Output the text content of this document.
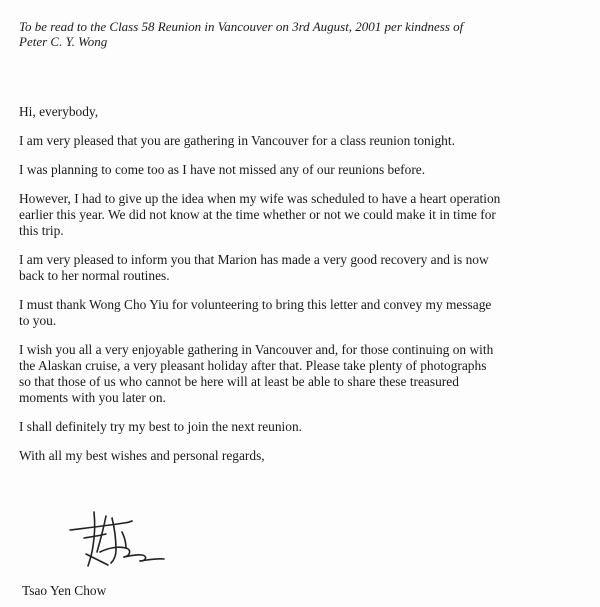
To be read to the Class 58 Reunion in Vancouver on 3rd August, 2001 per kindness of
Peter C. Y. Wong

Hi, everybody,

I am very pleased that you are gathering in Vancouver for a class reunion tonight.

I was planning to come too as I have not missed any of our reunions before.

However, I had to give up the idea when my wife was scheduled to have a heart operation
earlier this year. We did not know at the time whether or not we could make it in time for
this trip.

I am very pleased to inform you that Marion has made a very good recovery and is now
back to her normal routines.

I must thank Wong Cho Yiu for volunteering to bring this letter and convey my message
to you.

I wish you all a very enjoyable gathering in Vancouver and, for those continuing on with
the Alaskan cruise, a very pleasant holiday after that. Please take plenty of photographs
so that those of us who cannot be here will at least be able to share these treasured
moments with you later on.

I shall definitely try my best to join the next reunion.

With all my best wishes and personal regards,

Tsao Yen Chow
